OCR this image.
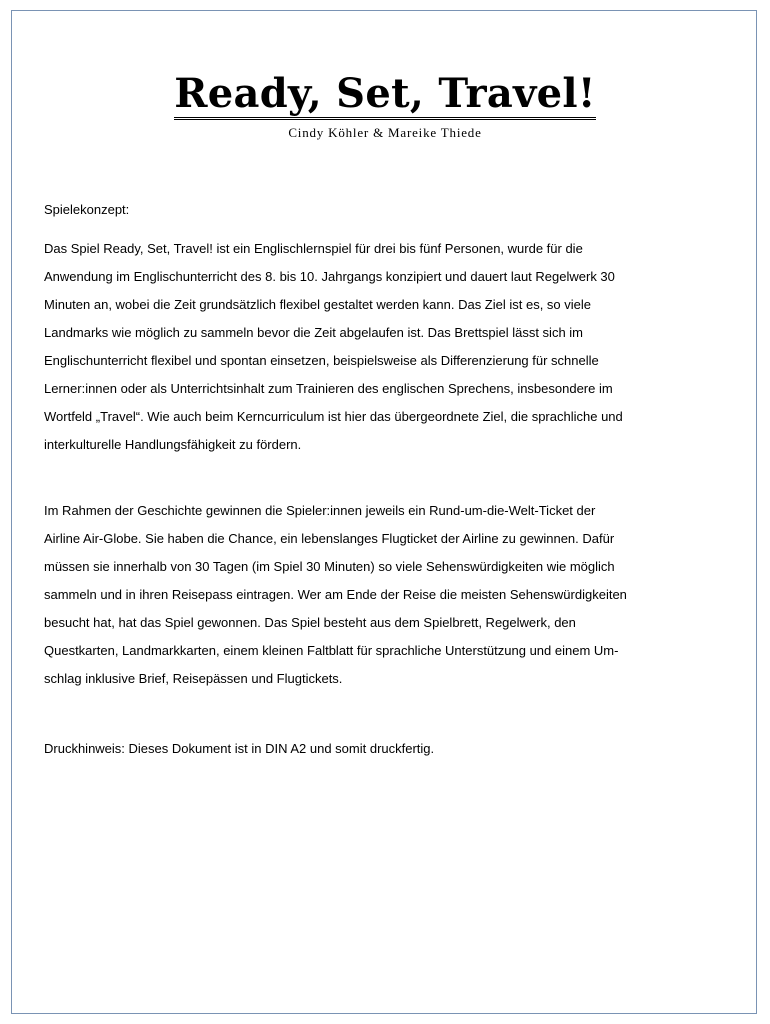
Ready, Set, Travel!
Cindy Köhler & Mareike Thiede
Spielekonzept:
Das Spiel Ready, Set, Travel! ist ein Englischlernspiel für drei bis fünf Personen, wurde für die
Anwendung im Englischunterricht des 8. bis 10. Jahrgangs konzipiert und dauert laut Regelwerk 30
Minuten an, wobei die Zeit grundsätzlich flexibel gestaltet werden kann. Das Ziel ist es, so viele
Landmarks wie möglich zu sammeln bevor die Zeit abgelaufen ist. Das Brettspiel lässt sich im
Englischunterricht flexibel und spontan einsetzen, beispielsweise als Differenzierung für schnelle
Lerner:innen oder als Unterrichtsinhalt zum Trainieren des englischen Sprechens, insbesondere im
Wortfeld „Travel“. Wie auch beim Kerncurriculum ist hier das übergeordnete Ziel, die sprachliche und
interkulturelle Handlungsfähigkeit zu fördern.
Im Rahmen der Geschichte gewinnen die Spieler:innen jeweils ein Rund-um-die-Welt-Ticket der
Airline Air-Globe. Sie haben die Chance, ein lebenslanges Flugticket der Airline zu gewinnen. Dafür
müssen sie innerhalb von 30 Tagen (im Spiel 30 Minuten) so viele Sehenswürdigkeiten wie möglich
sammeln und in ihren Reisepass eintragen. Wer am Ende der Reise die meisten Sehenswürdigkeiten
besucht hat, hat das Spiel gewonnen. Das Spiel besteht aus dem Spielbrett, Regelwerk, den
Questkarten, Landmarkkarten, einem kleinen Faltblatt für sprachliche Unterstützung und einem Um-
schlag inklusive Brief, Reisepässen und Flugtickets.
Druckhinweis: Dieses Dokument ist in DIN A2 und somit druckfertig.
